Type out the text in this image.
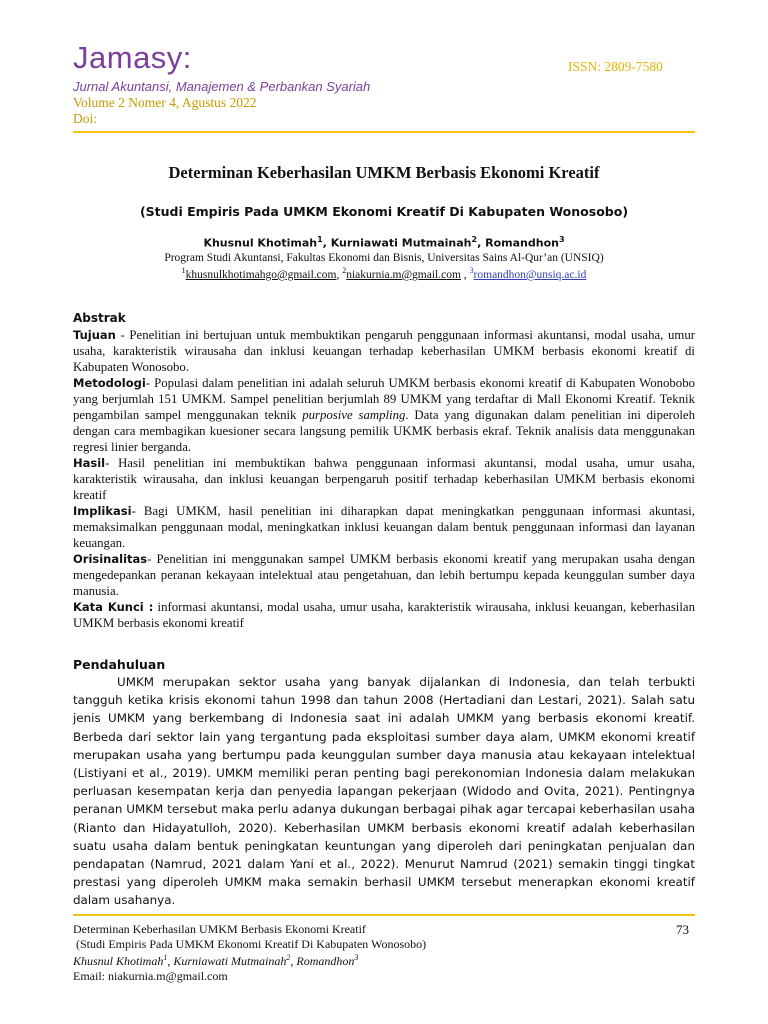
Jamasy:
Jurnal Akuntansi, Manajemen & Perbankan Syariah
Volume 2 Nomer 4, Agustus 2022
Doi:
ISSN: 2809-7580
Determinan Keberhasilan UMKM Berbasis Ekonomi Kreatif
(Studi Empiris Pada UMKM Ekonomi Kreatif Di Kabupaten Wonosobo)
Khusnul Khotimah$^1$, Kurniawati Mutmainah$^2$, Romandhon$^3$
Program Studi Akuntansi, Fakultas Ekonomi dan Bisnis, Universitas Sains Al-Qur’an (UNSIQ)
$^1$khusnulkhotimahgo@gmail.com, $^2$niakurnia.m@gmail.com , $^3$romandhon@unsiq.ac.id
Abstrak

Tujuan - Penelitian ini bertujuan untuk membuktikan pengaruh penggunaan informasi akuntansi, modal usaha, umur usaha, karakteristik wirausaha dan inklusi keuangan terhadap keberhasilan UMKM berbasis ekonomi kreatif di Kabupaten Wonosobo.

Metodologi- Populasi dalam penelitian ini adalah seluruh UMKM berbasis ekonomi kreatif di Kabupaten Wonobobo yang berjumlah 151 UMKM. Sampel penelitian berjumlah 89 UMKM yang terdaftar di Mall Ekonomi Kreatif. Teknik pengambilan sampel menggunakan teknik purposive sampling. Data yang digunakan dalam penelitian ini diperoleh dengan cara membagikan kuesioner secara langsung pemilik UKMK berbasis ekraf. Teknik analisis data menggunakan regresi linier berganda.

Hasil- Hasil penelitian ini membuktikan bahwa penggunaan informasi akuntansi, modal usaha, umur usaha, karakteristik wirausaha, dan inklusi keuangan berpengaruh positif terhadap keberhasilan UMKM berbasis ekonomi kreatif

Implikasi- Bagi UMKM, hasil penelitian ini diharapkan dapat meningkatkan penggunaan informasi akuntasi, memaksimalkan penggunaan modal, meningkatkan inklusi keuangan dalam bentuk penggunaan informasi dan layanan keuangan.

Orisinalitas- Penelitian ini menggunakan sampel UMKM berbasis ekonomi kreatif yang merupakan usaha dengan mengedepankan peranan kekayaan intelektual atau pengetahuan, dan lebih bertumpu kepada keunggulan sumber daya manusia.

Kata Kunci : informasi akuntansi, modal usaha, umur usaha, karakteristik wirausaha, inklusi keuangan, keberhasilan UMKM berbasis ekonomi kreatif

Pendahuluan

UMKM merupakan sektor usaha yang banyak dijalankan di Indonesia, dan telah terbukti tangguh ketika krisis ekonomi tahun 1998 dan tahun 2008 (Hertadiani dan Lestari, 2021). Salah satu jenis UMKM yang berkembang di Indonesia saat ini adalah UMKM yang berbasis ekonomi kreatif. Berbeda dari sektor lain yang tergantung pada eksploitasi sumber daya alam, UMKM ekonomi kreatif merupakan usaha yang bertumpu pada keunggulan sumber daya manusia atau kekayaan intelektual (Listiyani et al., 2019). UMKM memiliki peran penting bagi perekonomian Indonesia dalam melakukan perluasan kesempatan kerja dan penyedia lapangan pekerjaan (Widodo and Ovita, 2021). Pentingnya peranan UMKM tersebut maka perlu adanya dukungan berbagai pihak agar tercapai keberhasilan usaha (Rianto dan Hidayatulloh, 2020). Keberhasilan UMKM berbasis ekonomi kreatif adalah keberhasilan suatu usaha dalam bentuk peningkatan keuntungan yang diperoleh dari peningkatan penjualan dan pendapatan (Namrud, 2021 dalam Yani et al., 2022). Menurut Namrud (2021) semakin tinggi tingkat prestasi yang diperoleh UMKM maka semakin berhasil UMKM tersebut menerapkan ekonomi kreatif dalam usahanya.

Determinan Keberhasilan UMKM Berbasis Ekonomi Kreatif
(Studi Empiris Pada UMKM Ekonomi Kreatif Di Kabupaten Wonosobo)
Khusnul Khotimah$^1$, Kurniawati Mutmainah$^2$, Romandhon$^3$
Email: niakurnia.m@gmail.com
73
